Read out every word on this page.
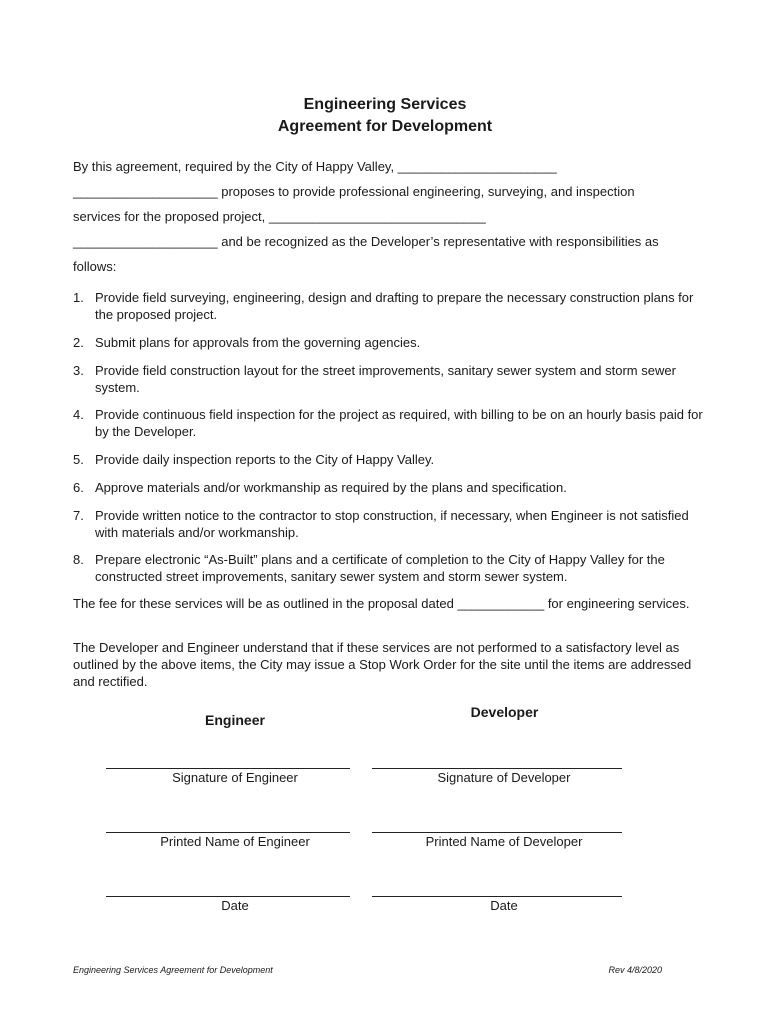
Engineering Services
Agreement for Development
By this agreement, required by the City of Happy Valley, ______________________
____________________ proposes to provide professional engineering, surveying, and inspection
services for the proposed project, ______________________________
____________________ and be recognized as the Developer’s representative with responsibilities as
follows:
1. Provide field surveying, engineering, design and drafting to prepare the necessary construction plans for the proposed project.
2. Submit plans for approvals from the governing agencies.
3. Provide field construction layout for the street improvements, sanitary sewer system and storm sewer system.
4. Provide continuous field inspection for the project as required, with billing to be on an hourly basis paid for by the Developer.
5. Provide daily inspection reports to the City of Happy Valley.
6. Approve materials and/or workmanship as required by the plans and specification.
7. Provide written notice to the contractor to stop construction, if necessary, when Engineer is not satisfied with materials and/or workmanship.
8. Prepare electronic “As-Built” plans and a certificate of completion to the City of Happy Valley for the constructed street improvements, sanitary sewer system and storm sewer system.
The fee for these services will be as outlined in the proposal dated ____________ for engineering services.
The Developer and Engineer understand that if these services are not performed to a satisfactory level as outlined by the above items, the City may issue a Stop Work Order for the site until the items are addressed and rectified.
Engineer	Developer
Signature of Engineer	Signature of Developer
Printed Name of Engineer	Printed Name of Developer
Date	Date
Engineering Services Agreement for Development	Rev 4/8/2020
